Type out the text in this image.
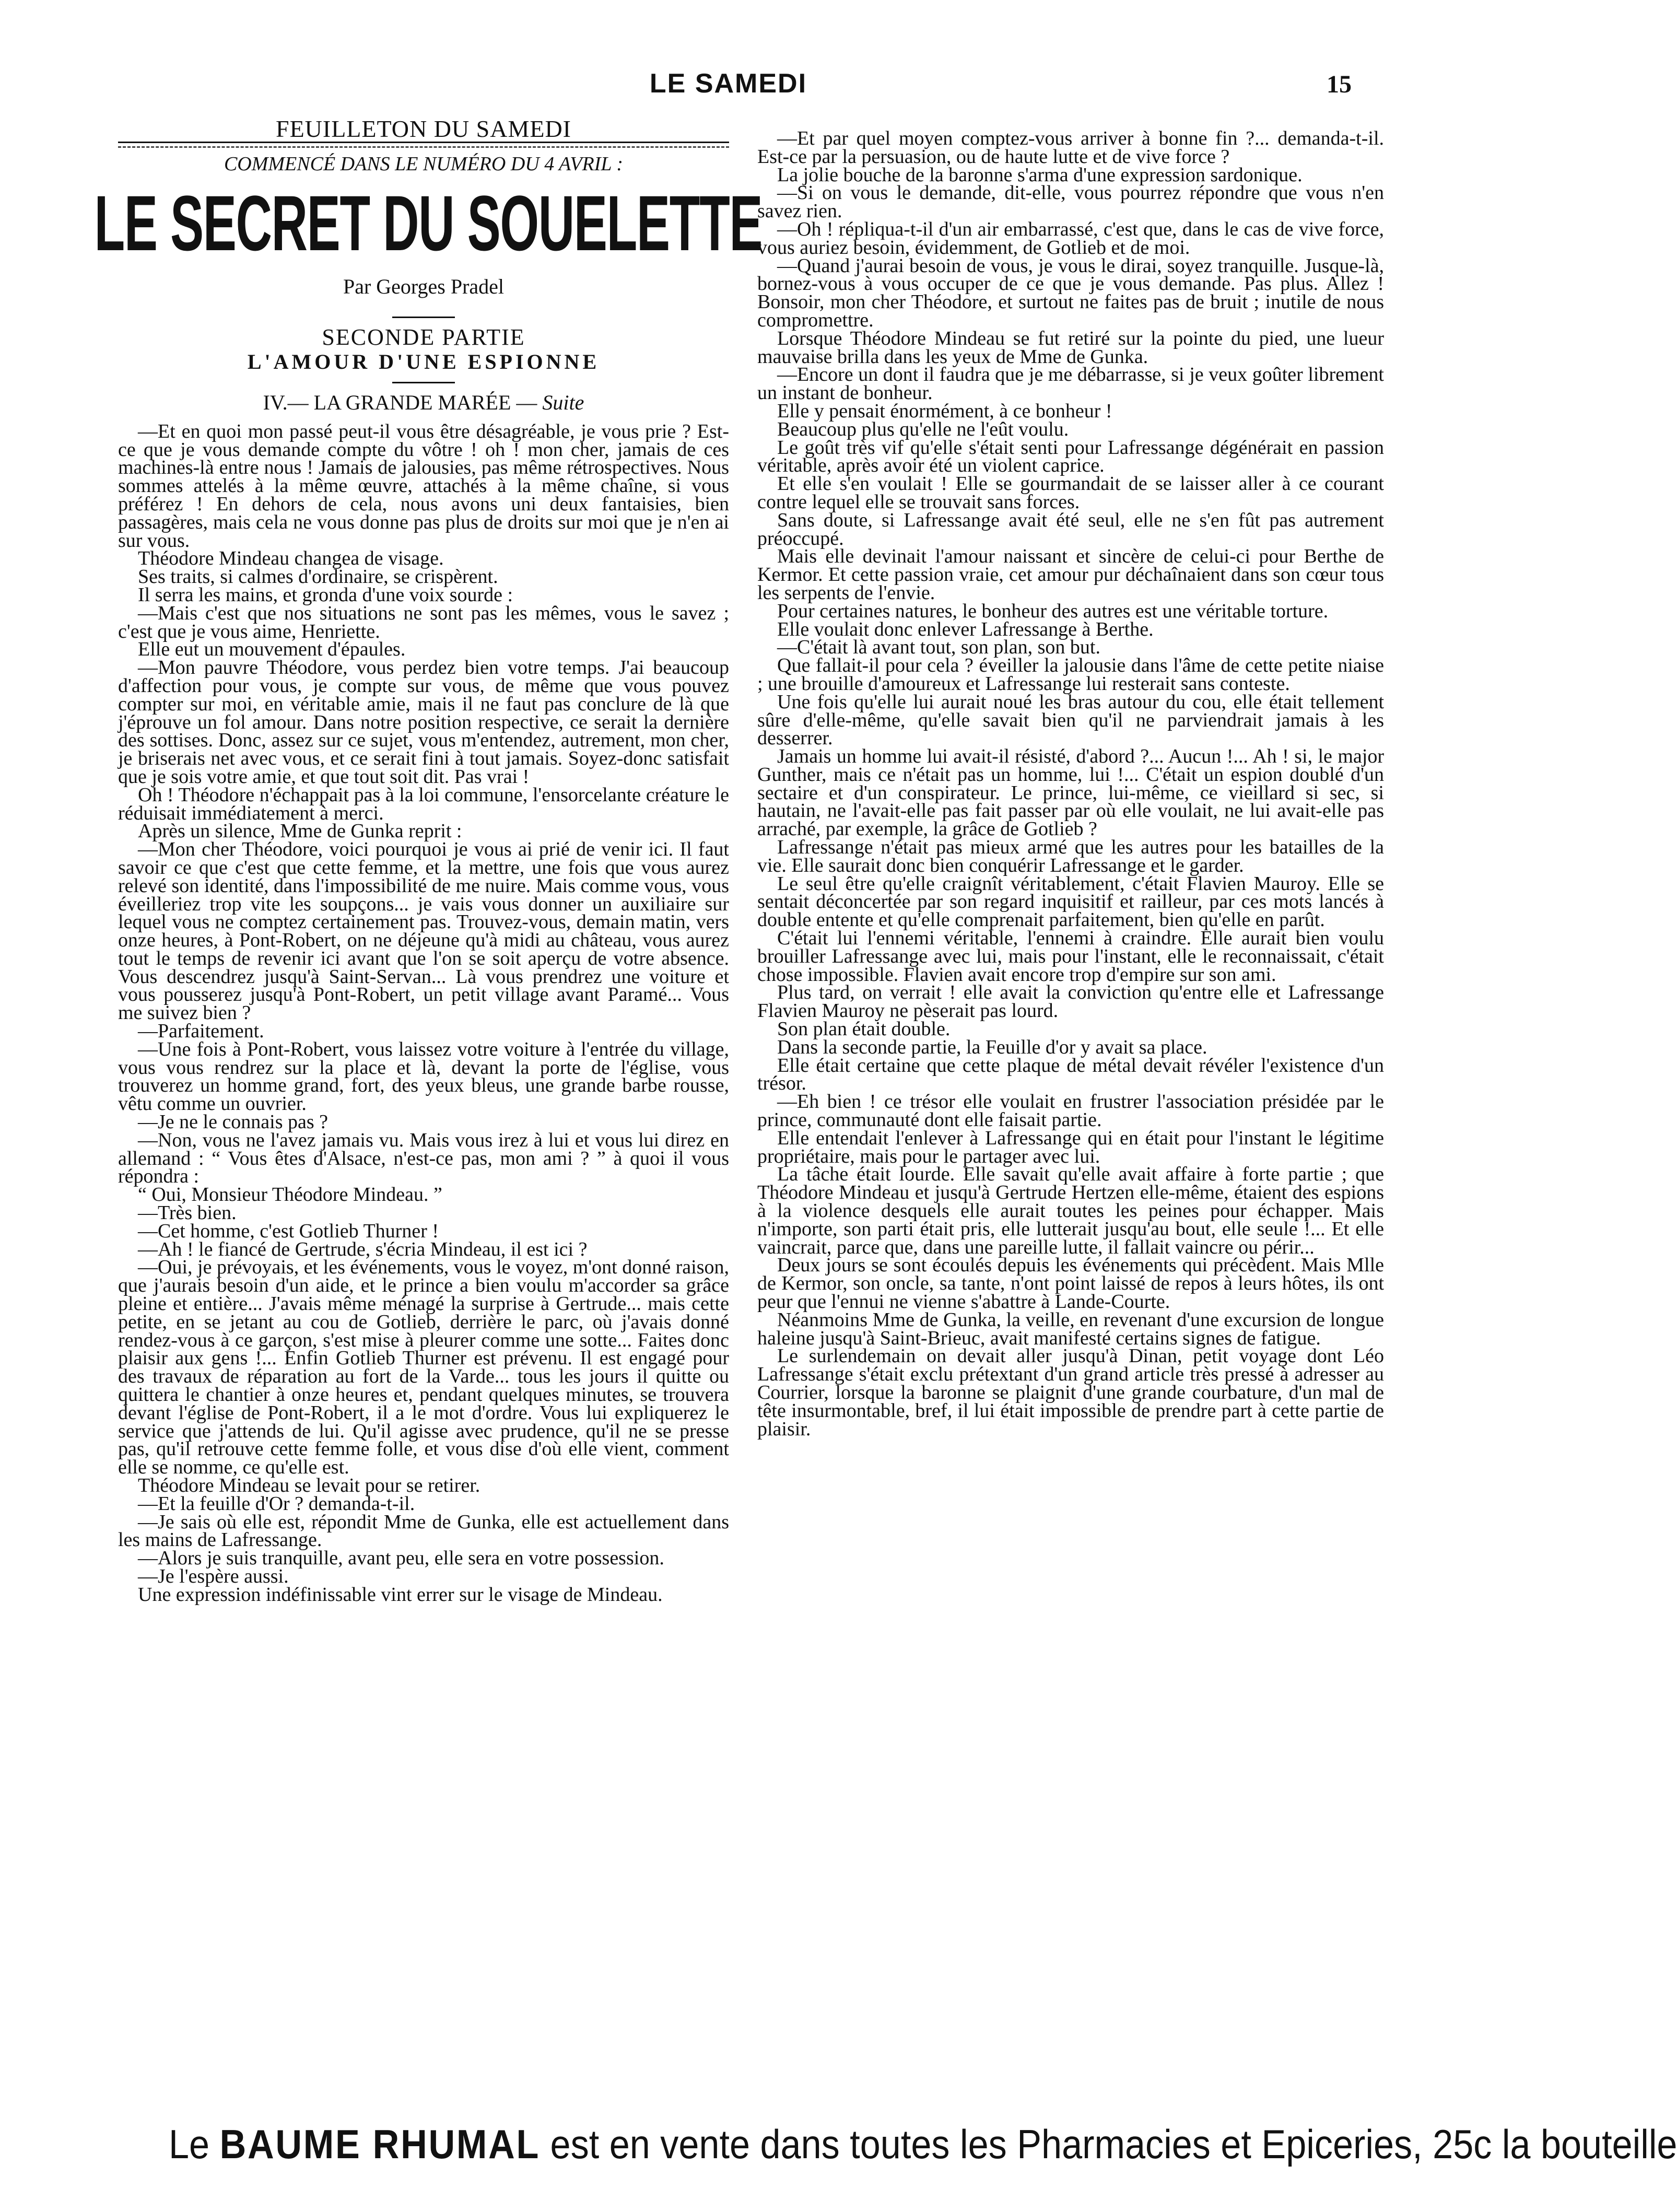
LE SAMEDI	15
FEUILLETON DU SAMEDI
COMMENCÉ DANS LE NUMÉRO DU 4 AVRIL :
LE SECRET DU SOUELETTE
Par Georges Pradel
SECONDE PARTIE
L'AMOUR D'UNE ESPIONNE
IV.— LA GRANDE MARÉE — Suite

—Et en quoi mon passé peut-il vous être désagréable, je vous prie ? Est-ce que je vous demande compte du vôtre ! oh ! mon cher, jamais de ces machines-là entre nous ! Jamais de jalousies, pas même rétrospectives. Nous sommes attelés à la même œuvre, attachés à la même chaîne, si vous préférez ! En dehors de cela, nous avons uni deux fantaisies, bien passagères, mais cela ne vous donne pas plus de droits sur moi que je n'en ai sur vous.

Théodore Mindeau changea de visage.

Ses traits, si calmes d'ordinaire, se crispèrent.

Il serra les mains, et gronda d'une voix sourde :

—Mais c'est que nos situations ne sont pas les mêmes, vous le savez ; c'est que je vous aime, Henriette.

Elle eut un mouvement d'épaules.

—Mon pauvre Théodore, vous perdez bien votre temps. J'ai beaucoup d'affection pour vous, je compte sur vous, de même que vous pouvez compter sur moi, en véritable amie, mais il ne faut pas conclure de là que j'éprouve un fol amour. Dans notre position respective, ce serait la dernière des sottises. Donc, assez sur ce sujet, vous m'entendez, autrement, mon cher, je briserais net avec vous, et ce serait fini à tout jamais. Soyez-donc satisfait que je sois votre amie, et que tout soit dit. Pas vrai !

Oh ! Théodore n'échappait pas à la loi commune, l'ensorcelante créature le réduisait immédiatement à merci.

Après un silence, Mme de Gunka reprit :

—Mon cher Théodore, voici pourquoi je vous ai prié de venir ici. Il faut savoir ce que c'est que cette femme, et la mettre, une fois que vous aurez relevé son identité, dans l'impossibilité de me nuire. Mais comme vous, vous éveilleriez trop vite les soupçons... je vais vous donner un auxiliaire sur lequel vous ne comptez certainement pas. Trouvez-vous, demain matin, vers onze heures, à Pont-Robert, on ne déjeune qu'à midi au château, vous aurez tout le temps de revenir ici avant que l'on se soit aperçu de votre absence. Vous descendrez jusqu'à Saint-Servan... Là vous prendrez une voiture et vous pousserez jusqu'à Pont-Robert, un petit village avant Paramé... Vous me suivez bien ?

—Parfaitement.

—Une fois à Pont-Robert, vous laissez votre voiture à l'entrée du village, vous vous rendrez sur la place et là, devant la porte de l'église, vous trouverez un homme grand, fort, des yeux bleus, une grande barbe rousse, vêtu comme un ouvrier.

—Je ne le connais pas ?

—Non, vous ne l'avez jamais vu. Mais vous irez à lui et vous lui direz en allemand : “ Vous êtes d'Alsace, n'est-ce pas, mon ami ? ” à quoi il vous répondra :

“ Oui, Monsieur Théodore Mindeau. ”

—Très bien.

—Cet homme, c'est Gotlieb Thurner !

—Ah ! le fiancé de Gertrude, s'écria Mindeau, il est ici ?

—Oui, je prévoyais, et les événements, vous le voyez, m'ont donné raison, que j'aurais besoin d'un aide, et le prince a bien voulu m'accorder sa grâce pleine et entière... J'avais même ménagé la surprise à Gertrude... mais cette petite, en se jetant au cou de Gotlieb, derrière le parc, où j'avais donné rendez-vous à ce garçon, s'est mise à pleurer comme une sotte... Faites donc plaisir aux gens !... Enfin Gotlieb Thurner est prévenu. Il est engagé pour des travaux de réparation au fort de la Varde... tous les jours il quitte ou quittera le chantier à onze heures et, pendant quelques minutes, se trouvera devant l'église de Pont-Robert, il a le mot d'ordre. Vous lui expliquerez le service que j'attends de lui. Qu'il agisse avec prudence, qu'il ne se presse pas, qu'il retrouve cette femme folle, et vous dise d'où elle vient, comment elle se nomme, ce qu'elle est.

Théodore Mindeau se levait pour se retirer.

—Et la feuille d'Or ? demanda-t-il.

—Je sais où elle est, répondit Mme de Gunka, elle est actuellement dans les mains de Lafressange.

—Alors je suis tranquille, avant peu, elle sera en votre possession.

—Je l'espère aussi.

Une expression indéfinissable vint errer sur le visage de Mindeau.

—Et par quel moyen comptez-vous arriver à bonne fin ?... demanda-t-il. Est-ce par la persuasion, ou de haute lutte et de vive force ?

La jolie bouche de la baronne s'arma d'une expression sardonique.

—Si on vous le demande, dit-elle, vous pourrez répondre que vous n'en savez rien.

—Oh ! répliqua-t-il d'un air embarrassé, c'est que, dans le cas de vive force, vous auriez besoin, évidemment, de Gotlieb et de moi.

—Quand j'aurai besoin de vous, je vous le dirai, soyez tranquille. Jusque-là, bornez-vous à vous occuper de ce que je vous demande. Pas plus. Allez ! Bonsoir, mon cher Théodore, et surtout ne faites pas de bruit ; inutile de nous compromettre.

Lorsque Théodore Mindeau se fut retiré sur la pointe du pied, une lueur mauvaise brilla dans les yeux de Mme de Gunka.

—Encore un dont il faudra que je me débarrasse, si je veux goûter librement un instant de bonheur.

Elle y pensait énormément, à ce bonheur !

Beaucoup plus qu'elle ne l'eût voulu.

Le goût très vif qu'elle s'était senti pour Lafressange dégénérait en passion véritable, après avoir été un violent caprice.

Et elle s'en voulait ! Elle se gourmandait de se laisser aller à ce courant contre lequel elle se trouvait sans forces.

Sans doute, si Lafressange avait été seul, elle ne s'en fût pas autrement préoccupé.

Mais elle devinait l'amour naissant et sincère de celui-ci pour Berthe de Kermor. Et cette passion vraie, cet amour pur déchaînaient dans son cœur tous les serpents de l'envie.

Pour certaines natures, le bonheur des autres est une véritable torture.

Elle voulait donc enlever Lafressange à Berthe.

—C'était là avant tout, son plan, son but.

Que fallait-il pour cela ? éveiller la jalousie dans l'âme de cette petite niaise ; une brouille d'amoureux et Lafressange lui resterait sans conteste.

Une fois qu'elle lui aurait noué les bras autour du cou, elle était tellement sûre d'elle-même, qu'elle savait bien qu'il ne parviendrait jamais à les desserrer.

Jamais un homme lui avait-il résisté, d'abord ?... Aucun !... Ah ! si, le major Gunther, mais ce n'était pas un homme, lui !... C'était un espion doublé d'un sectaire et d'un conspirateur. Le prince, lui-même, ce vieillard si sec, si hautain, ne l'avait-elle pas fait passer par où elle voulait, ne lui avait-elle pas arraché, par exemple, la grâce de Gotlieb ?

Lafressange n'était pas mieux armé que les autres pour les batailles de la vie. Elle saurait donc bien conquérir Lafressange et le garder.

Le seul être qu'elle craignît véritablement, c'était Flavien Mauroy. Elle se sentait déconcertée par son regard inquisitif et railleur, par ces mots lancés à double entente et qu'elle comprenait parfaitement, bien qu'elle en parût.

C'était lui l'ennemi véritable, l'ennemi à craindre. Elle aurait bien voulu brouiller Lafressange avec lui, mais pour l'instant, elle le reconnaissait, c'était chose impossible. Flavien avait encore trop d'empire sur son ami.

Plus tard, on verrait ! elle avait la conviction qu'entre elle et Lafressange Flavien Mauroy ne pèserait pas lourd.

Son plan était double.

Dans la seconde partie, la Feuille d'or y avait sa place.

Elle était certaine que cette plaque de métal devait révéler l'existence d'un trésor.

—Eh bien ! ce trésor elle voulait en frustrer l'association présidée par le prince, communauté dont elle faisait partie.

Elle entendait l'enlever à Lafressange qui en était pour l'instant le légitime propriétaire, mais pour le partager avec lui.

La tâche était lourde. Elle savait qu'elle avait affaire à forte partie ; que Théodore Mindeau et jusqu'à Gertrude Hertzen elle-même, étaient des espions à la violence desquels elle aurait toutes les peines pour échapper. Mais n'importe, son parti était pris, elle lutterait jusqu'au bout, elle seule !... Et elle vaincrait, parce que, dans une pareille lutte, il fallait vaincre ou périr...

Deux jours se sont écoulés depuis les événements qui précèdent. Mais Mlle de Kermor, son oncle, sa tante, n'ont point laissé de repos à leurs hôtes, ils ont peur que l'ennui ne vienne s'abattre à Lande-Courte.

Néanmoins Mme de Gunka, la veille, en revenant d'une excursion de longue haleine jusqu'à Saint-Brieuc, avait manifesté certains signes de fatigue.

Le surlendemain on devait aller jusqu'à Dinan, petit voyage dont Léo Lafressange s'était exclu prétextant d'un grand article très pressé à adresser au Courrier, lorsque la baronne se plaignit d'une grande courbature, d'un mal de tête insurmontable, bref, il lui était impossible de prendre part à cette partie de plaisir.

Le BAUME RHUMAL est en vente dans toutes les Pharmacies et Epiceries, 25c la bouteille
